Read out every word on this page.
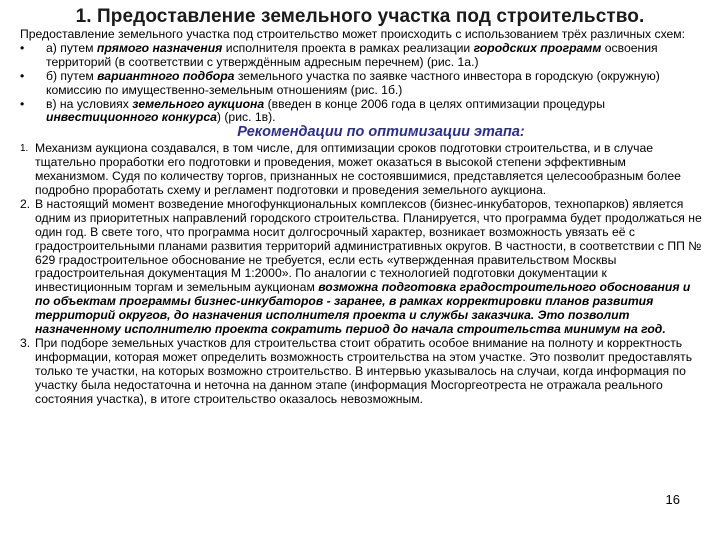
1. Предоставление земельного участка под строительство.

Предоставление земельного участка под строительство может происходить с использованием трёх различных схем:

•	а) путем прямого назначения исполнителя проекта в рамках реализации городских программ освоения территорий (в соответствии с утверждённым адресным перечнем) (рис. 1а.)
•	б) путем вариантного подбора земельного участка по заявке частного инвестора в городскую (окружную) комиссию по имущественно-земельным отношениям (рис. 1б.)
•	в) на условиях земельного аукциона (введен в конце 2006 года в целях оптимизации процедуры инвестиционного конкурса) (рис. 1в).
Рекомендации по оптимизации этапа:
1. Механизм аукциона создавался, в том числе, для оптимизации сроков подготовки строительства, и в случае тщательно проработки его подготовки и проведения, может оказаться в высокой степени эффективным механизмом. Судя по количеству торгов, признанных не состоявшимися, представляется целесообразным более подробно проработать схему и регламент подготовки и проведения земельного аукциона.
2. В настоящий момент возведение многофункциональных комплексов (бизнес-инкубаторов, технопарков) является одним из приоритетных направлений городского строительства. Планируется, что программа будет продолжаться не один год. В свете того, что программа носит долгосрочный характер, возникает возможность увязать её с градостроительными планами развития территорий административных округов. В частности, в соответствии с ПП № 629 градостроительное обоснование не требуется, если есть «утвержденная правительством Москвы градостроительная документация М 1:2000». По аналогии с технологией подготовки документации к инвестиционным торгам и земельным аукционам возможна подготовка градостроительного обоснования и по объектам программы бизнес-инкубаторов - заранее, в рамках корректировки планов развития территорий округов, до назначения исполнителя проекта и службы заказчика. Это позволит назначенному исполнителю проекта сократить период до начала строительства минимум на год.
3. При подборе земельных участков для строительства стоит обратить особое внимание на полноту и корректность информации, которая может определить возможность строительства на этом участке. Это позволит предоставлять только те участки, на которых возможно строительство. В интервью указывалось на случаи, когда информация по участку была недостаточна и неточна на данном этапе (информация Мосгоргеотреста не отражала реального состояния участка), в итоге строительство оказалось невозможным.
16
